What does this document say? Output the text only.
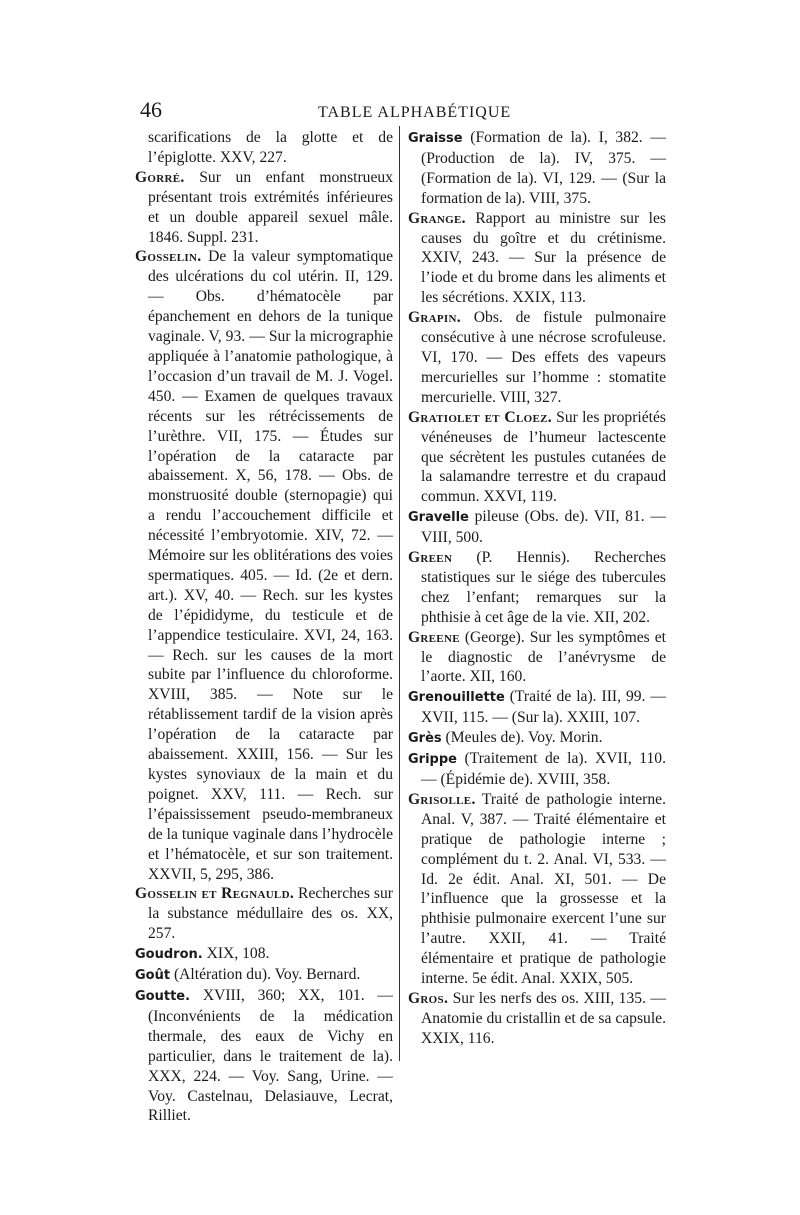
46	TABLE ALPHABÉTIQUE

scarifications de la glotte et de l’épiglotte. XXV, 227.

Gorré. Sur un enfant monstrueux présentant trois extrémités inférieures et un double appareil sexuel mâle. 1846. Suppl. 231.

Gosselin. De la valeur symptomatique des ulcérations du col utérin. II, 129. — Obs. d’hématocèle par épanchement en dehors de la tunique vaginale. V, 93. — Sur la micrographie appliquée à l’anatomie pathologique, à l’occasion d’un travail de M. J. Vogel. 450. — Examen de quelques travaux récents sur les rétrécissements de l’urèthre. VII, 175. — Études sur l’opération de la cataracte par abaissement. X, 56, 178. — Obs. de monstruosité double (sternopagie) qui a rendu l’accouchement difficile et nécessité l’embryotomie. XIV, 72. — Mémoire sur les oblitérations des voies spermatiques. 405. — Id. (2e et dern. art.). XV, 40. — Rech. sur les kystes de l’épididyme, du testicule et de l’appendice testiculaire. XVI, 24, 163. — Rech. sur les causes de la mort subite par l’influence du chloroforme. XVIII, 385. — Note sur le rétablissement tardif de la vision après l’opération de la cataracte par abaissement. XXIII, 156. — Sur les kystes synoviaux de la main et du poignet. XXV, 111. — Rech. sur l’épaississement pseudo-membraneux de la tunique vaginale dans l’hydrocèle et l’hématocèle, et sur son traitement. XXVII, 5, 295, 386.

Gosselin et Regnauld. Recherches sur la substance médullaire des os. XX, 257.

Goudron. XIX, 108.

Goût (Altération du). Voy. Bernard.

Goutte. XVIII, 360; XX, 101. — (Inconvénients de la médication thermale, des eaux de Vichy en particulier, dans le traitement de la). XXX, 224. — Voy. Sang, Urine. — Voy. Castelnau, Delasiauve, Lecrat, Rilliet.

Graisse (Formation de la). I, 382. — (Production de la). IV, 375. — (Formation de la). VI, 129. — (Sur la formation de la). VIII, 375.

Grange. Rapport au ministre sur les causes du goître et du crétinisme. XXIV, 243. — Sur la présence de l’iode et du brome dans les aliments et les sécrétions. XXIX, 113.

Grapin. Obs. de fistule pulmonaire consécutive à une nécrose scrofuleuse. VI, 170. — Des effets des vapeurs mercurielles sur l’homme : stomatite mercurielle. VIII, 327.

Gratiolet et Cloez. Sur les propriétés vénéneuses de l’humeur lactescente que sécrètent les pustules cutanées de la salamandre terrestre et du crapaud commun. XXVI, 119.

Gravelle pileuse (Obs. de). VII, 81. — VIII, 500.

Green (P. Hennis). Recherches statistiques sur le siége des tubercules chez l’enfant; remarques sur la phthisie à cet âge de la vie. XII, 202.

Greene (George). Sur les symptômes et le diagnostic de l’anévrysme de l’aorte. XII, 160.

Grenouillette (Traité de la). III, 99. — XVII, 115. — (Sur la). XXIII, 107.

Grès (Meules de). Voy. Morin.

Grippe (Traitement de la). XVII, 110. — (Épidémie de). XVIII, 358.

Grisolle. Traité de pathologie interne. Anal. V, 387. — Traité élémentaire et pratique de pathologie interne ; complément du t. 2. Anal. VI, 533. — Id. 2e édit. Anal. XI, 501. — De l’influence que la grossesse et la phthisie pulmonaire exercent l’une sur l’autre. XXII, 41. — Traité élémentaire et pratique de pathologie interne. 5e édit. Anal. XXIX, 505.

Gros. Sur les nerfs des os. XIII, 135. — Anatomie du cristallin et de sa capsule. XXIX, 116.
